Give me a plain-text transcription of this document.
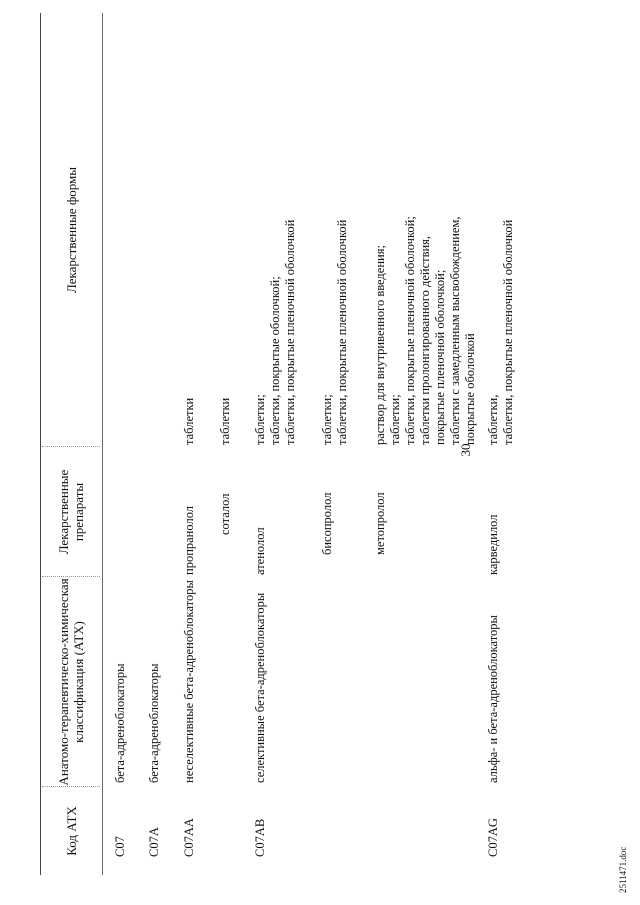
30
Код АТХ
Анатомо-терапевтическо-химическая классификация (АТХ)
Лекарственные препараты
Лекарственные формы
C07
бета-адреноблокаторы
C07A
бета-адреноблокаторы
C07AA
неселективные бета-адреноблокаторы
пропранолол
таблетки
соталол
таблетки
C07AB
селективные бета-адреноблокаторы
атенолол
таблетки; таблетки, покрытые оболочкой; таблетки, покрытые пленочной оболочкой
бисопролол
таблетки; таблетки, покрытые пленочной оболочкой
метопролол
раствор для внутривенного введения; таблетки; таблетки, покрытые пленочной оболочкой; таблетки пролонгированного действия, покрытые пленочной оболочкой; таблетки с замедленным высвобождением, покрытые оболочкой
C07AG
альфа- и бета-адреноблокаторы
карведилол
таблетки, таблетки, покрытые пленочной оболочкой
2511471.doc
